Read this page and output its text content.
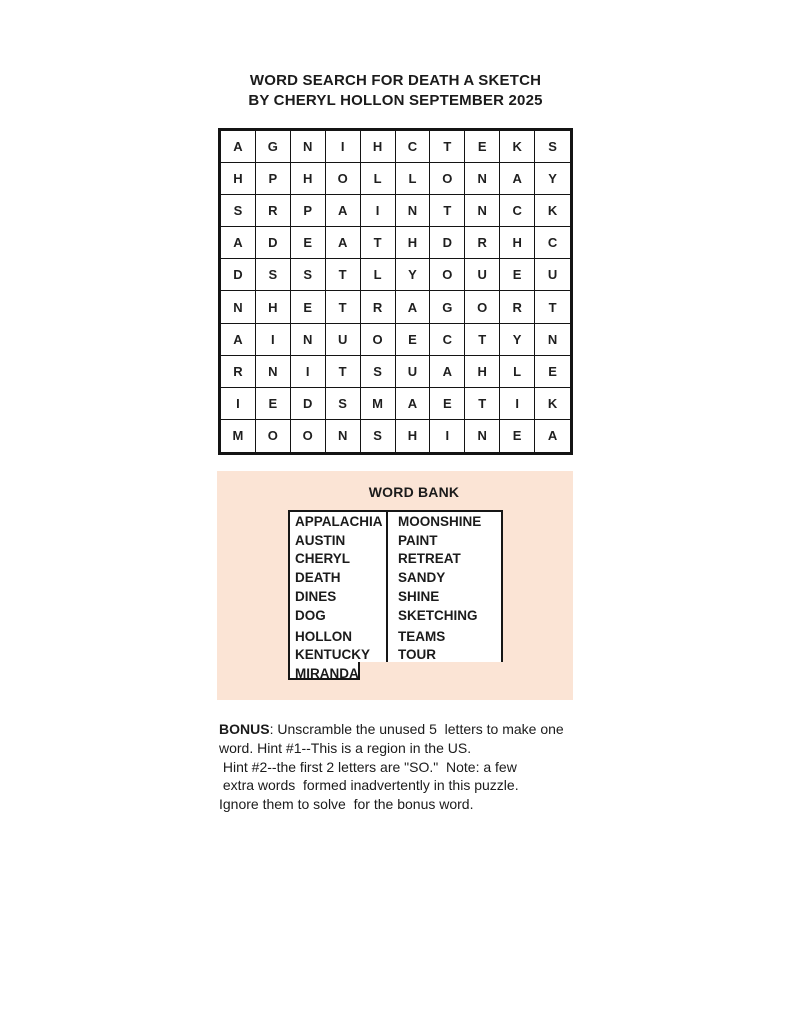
WORD SEARCH FOR DEATH A SKETCH
BY CHERYL HOLLON SEPTEMBER 2025
A	G	N	I	H	C	T	E	K	S
H	P	H	O	L	L	O	N	A	Y
S	R	P	A	I	N	T	N	C	K
A	D	E	A	T	H	D	R	H	C
D	S	S	T	L	Y	O	U	E	U
N	H	E	T	R	A	G	O	R	T
A	I	N	U	O	E	C	T	Y	N
R	N	I	T	S	U	A	H	L	E
I	E	D	S	M	A	E	T	I	K
M	O	O	N	S	H	I	N	E	A
WORD BANK
APPALACHIA
AUSTIN
CHERYL
DEATH
DINES
DOG
HOLLON
KENTUCKY
MIRANDA
MOONSHINE
PAINT
RETREAT
SANDY
SHINE
SKETCHING
TEAMS
TOUR
BONUS: Unscramble the unused 5  letters to make one
word. Hint #1--This is a region in the US.
Hint #2--the first 2 letters are "SO."  Note: a few
extra words  formed inadvertently in this puzzle.
Ignore them to solve  for the bonus word.
